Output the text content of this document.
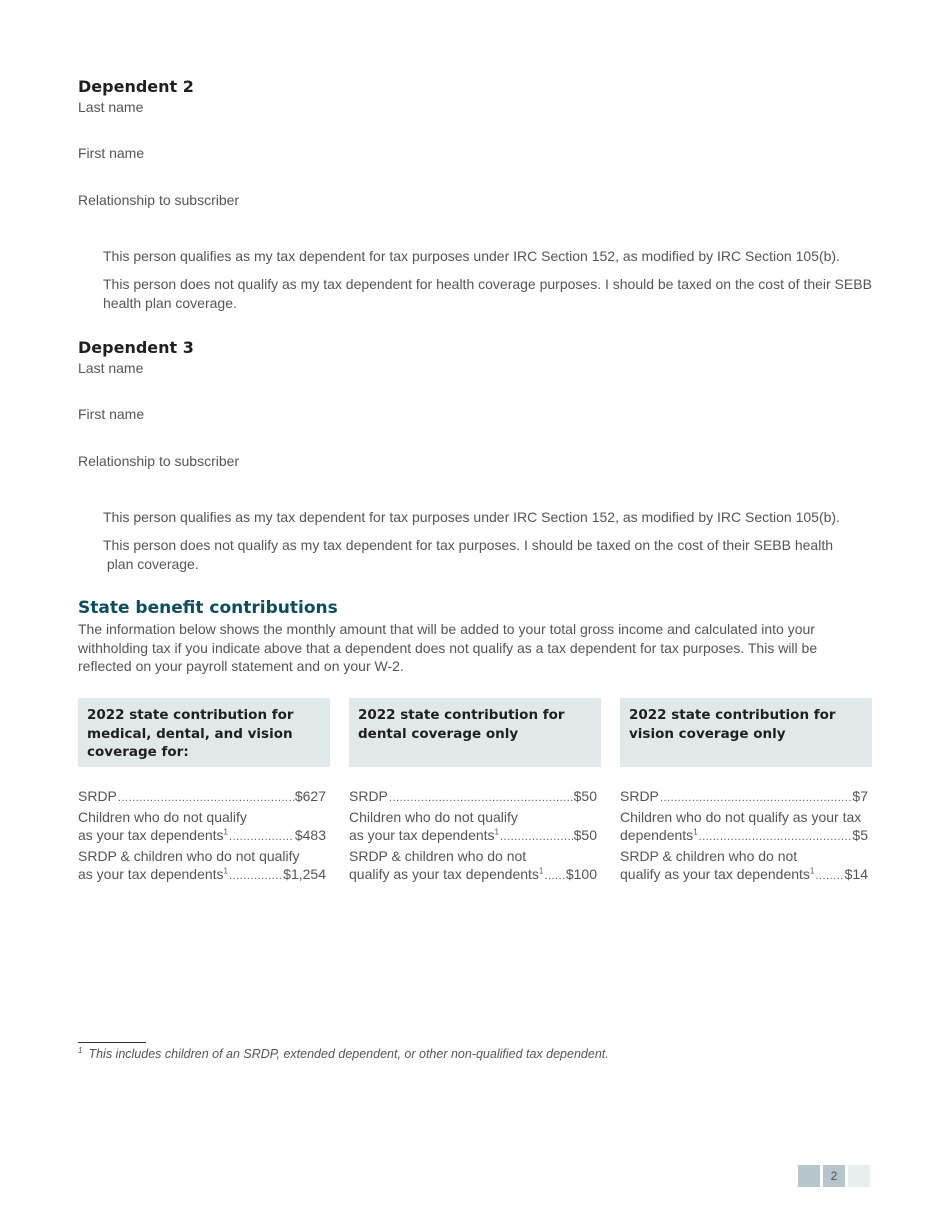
Dependent 2
Last name
First name
Relationship to subscriber
This person qualifies as my tax dependent for tax purposes under IRC Section 152, as modified by IRC Section 105(b).
This person does not qualify as my tax dependent for health coverage purposes. I should be taxed on the cost of their SEBB
health plan coverage.
Dependent 3
Last name
First name
Relationship to subscriber
This person qualifies as my tax dependent for tax purposes under IRC Section 152, as modified by IRC Section 105(b).
This person does not qualify as my tax dependent for tax purposes. I should be taxed on the cost of their SEBB health
plan coverage.
State benefit contributions
The information below shows the monthly amount that will be added to your total gross income and calculated into your
withholding tax if you indicate above that a dependent does not qualify as a tax dependent for tax purposes. This will be
reflected on your payroll statement and on your W-2.
2022 state contribution for medical, dental, and vision coverage for:
SRDP .....	$627
Children who do not qualify
as your tax dependents$^1$ .....	$483
SRDP & children who do not qualify
as your tax dependents$^1$ .....	$1,254
2022 state contribution for dental coverage only
SRDP .....	$50
Children who do not qualify
as your tax dependents$^1$ .....	$50
SRDP & children who do not
qualify as your tax dependents$^1$ ..... $100
2022 state contribution for vision coverage only
SRDP .....	$7
Children who do not qualify as your tax
dependents$^1$ .....	$5
SRDP & children who do not
qualify as your tax dependents$^1$ ..... $14
$^1$ This includes children of an SRDP, extended dependent, or other non-qualified tax dependent.
2
